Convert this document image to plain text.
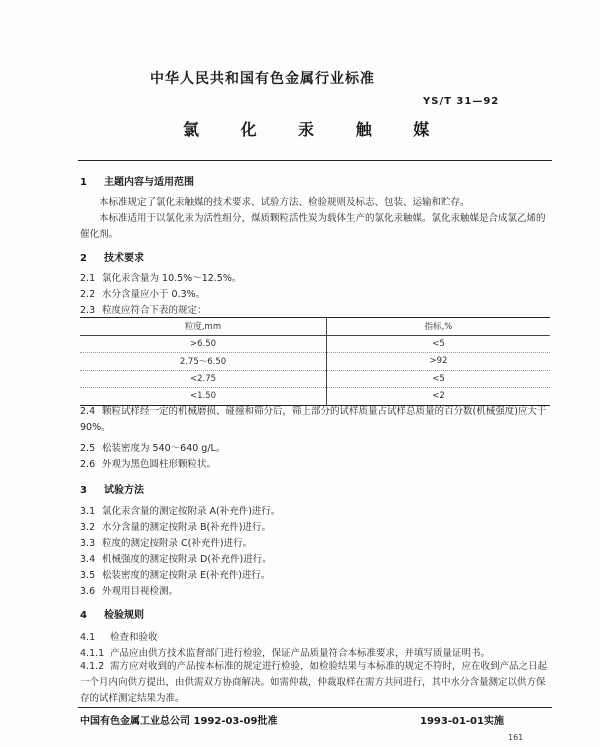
中华人民共和国有色金属行业标准
YS/T 31—92
氯 化 汞 触 媒
1 主题内容与适用范围
本标准规定了氯化汞触媒的技术要求、试验方法、检验规则及标志、包装、运输和贮存。
本标准适用于以氯化汞为活性组分，煤质颗粒活性炭为载体生产的氯化汞触媒。氯化汞触媒是合成氯乙烯的催化剂。
2 技术要求
2.1 氯化汞含量为 10.5%～12.5%。
2.2 水分含量应小于 0.3%。
2.3 粒度应符合下表的规定：
粒度,mm	指标,%
>6.50	<5
2.75～6.50	>92
<2.75	<5
<1.50	<2
2.4 颗粒试样经一定的机械磨损、碰撞和筛分后，筛上部分的试样质量占试样总质量的百分数(机械强度)应大于 90%。
2.5 松装密度为 540～640 g/L。
2.6 外观为黑色圆柱形颗粒状。
3 试验方法
3.1 氯化汞含量的测定按附录 A(补充件)进行。
3.2 水分含量的测定按附录 B(补充件)进行。
3.3 粒度的测定按附录 C(补充件)进行。
3.4 机械强度的测定按附录 D(补充件)进行。
3.5 松装密度的测定按附录 E(补充件)进行。
3.6 外观用目视检测。
4 检验规则
4.1 检查和验收
4.1.1 产品应由供方技术监督部门进行检验，保证产品质量符合本标准要求，并填写质量证明书。
4.1.2 需方应对收到的产品按本标准的规定进行检验，如检验结果与本标准的规定不符时，应在收到产品之日起一个月内向供方提出，由供需双方协商解决。如需仲裁，仲裁取样在需方共同进行，其中水分含量测定以供方保存的试样测定结果为准。
中国有色金属工业总公司 1992-03-09批准	1993-01-01实施
161
